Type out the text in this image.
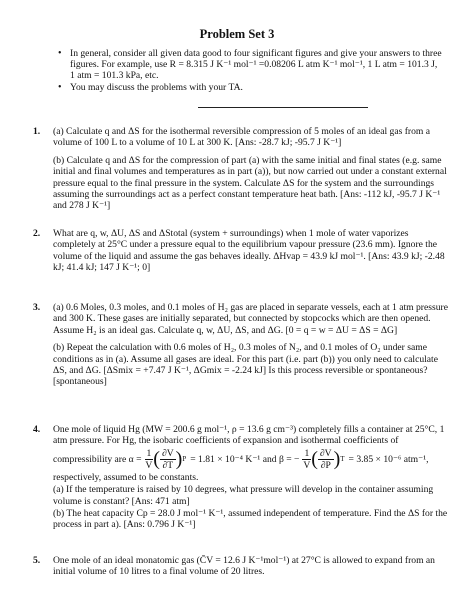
Problem Set 3
• In general, consider all given data good to four significant figures and give your answers to three figures. For example, use R = 8.315 J K⁻¹ mol⁻¹ =0.08206 L atm K⁻¹ mol⁻¹, 1 L atm = 101.3 J, 1 atm = 101.3 kPa, etc.
• You may discuss the problems with your TA.
1. (a) Calculate q and ΔS for the isothermal reversible compression of 5 moles of an ideal gas from a volume of 100 L to a volume of 10 L at 300 K. [Ans: -28.7 kJ; -95.7 J K⁻¹]

(b) Calculate q and ΔS for the compression of part (a) with the same initial and final states (e.g. same initial and final volumes and temperatures as in part (a)), but now carried out under a constant external pressure equal to the final pressure in the system. Calculate ΔS for the system and the surroundings assuming the surroundings act as a perfect constant temperature heat bath. [Ans: -112 kJ, -95.7 J K⁻¹ and 278 J K⁻¹]

2. What are q, w, ΔU, ΔS and ΔStotal (system + surroundings) when 1 mole of water vaporizes completely at 25°C under a pressure equal to the equilibrium vapour pressure (23.6 mm). Ignore the volume of the liquid and assume the gas behaves ideally. ΔHvap = 43.9 kJ mol⁻¹. [Ans: 43.9 kJ; -2.48 kJ; 41.4 kJ; 147 J K⁻¹; 0]

3. (a) 0.6 Moles, 0.3 moles, and 0.1 moles of H₂ gas are placed in separate vessels, each at 1 atm pressure and 300 K. These gases are initially separated, but connected by stopcocks which are then opened. Assume H₂ is an ideal gas. Calculate q, w, ΔU, ΔS, and ΔG. [0 = q = w = ΔU = ΔS = ΔG]

(b) Repeat the calculation with 0.6 moles of H₂, 0.3 moles of N₂, and 0.1 moles of O₂ under same conditions as in (a). Assume all gases are ideal. For this part (i.e. part (b)) you only need to calculate ΔS, and ΔG. [ΔSmix = +7.47 J K⁻¹, ΔGmix = -2.24 kJ] Is this process reversible or spontaneous? [spontaneous]

4. One mole of liquid Hg (MW = 200.6 g mol⁻¹, ρ = 13.6 g cm⁻³) completely fills a container at 25°C, 1 atm pressure. For Hg, the isobaric coefficients of expansion and isothermal coefficients of

compressibility are $\alpha = \frac{1}{V}$ ( $\frac{\partial V}{\partial T}$ ) P = 1.81 × 10⁻⁴ K⁻¹ and β = − $\frac{1}{V}$ ( $\frac{\partial V}{\partial P}$ ) T = 3.85 × 10⁻⁶ atm⁻¹,

respectively, assumed to be constants.

(a) If the temperature is raised by 10 degrees, what pressure will develop in the container assuming volume is constant? [Ans: 471 atm]

(b) The heat capacity Cp = 28.0 J mol⁻¹ K⁻¹, assumed independent of temperature. Find the ΔS for the process in part a). [Ans: 0.796 J K⁻¹]

5. One mole of an ideal monatomic gas (C̄V = 12.6 J K⁻¹mol⁻¹) at 27°C is allowed to expand from an initial volume of 10 litres to a final volume of 20 litres.
